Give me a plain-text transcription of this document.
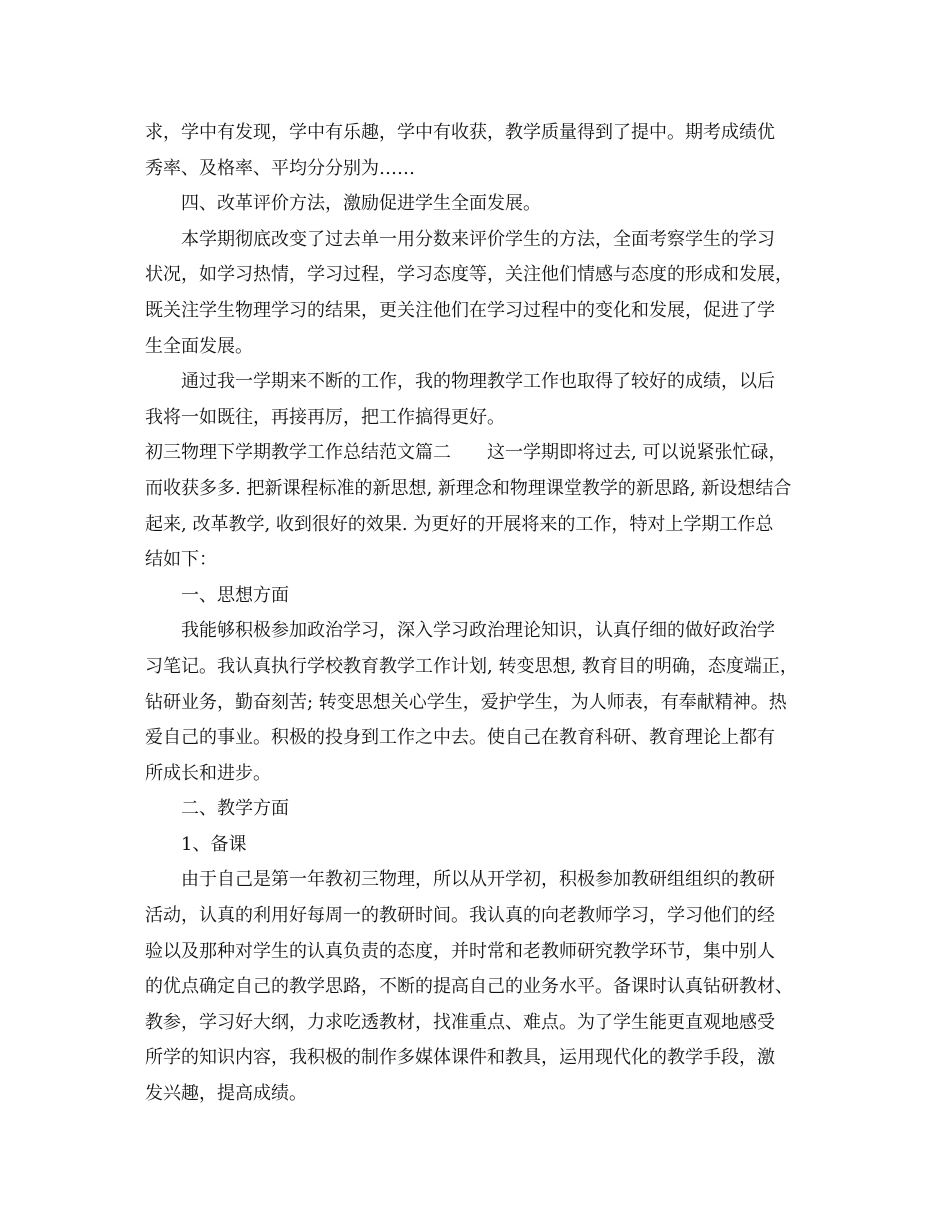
求，学中有发现，学中有乐趣，学中有收获，教学质量得到了提中。期考成绩优
秀率、及格率、平均分分别为……
四、改革评价方法，激励促进学生全面发展。
本学期彻底改变了过去单一用分数来评价学生的方法，全面考察学生的学习
状况，如学习热情，学习过程，学习态度等，关注他们情感与态度的形成和发展，
既关注学生物理学习的结果，更关注他们在学习过程中的变化和发展，促进了学
生全面发展。
通过我一学期来不断的工作，我的物理教学工作也取得了较好的成绩，以后
我将一如既往，再接再厉，把工作搞得更好。
初三物理下学期教学工作总结范文篇二　　这一学期即将过去, 可以说紧张忙碌，
而收获多多. 把新课程标准的新思想, 新理念和物理课堂教学的新思路, 新设想结合
起来, 改革教学, 收到很好的效果. 为更好的开展将来的工作，特对上学期工作总
结如下：
一、思想方面
我能够积极参加政治学习，深入学习政治理论知识，认真仔细的做好政治学
习笔记。我认真执行学校教育教学工作计划, 转变思想, 教育目的明确，态度端正，
钻研业务，勤奋刻苦; 转变思想关心学生，爱护学生，为人师表，有奉献精神。热
爱自己的事业。积极的投身到工作之中去。使自己在教育科研、教育理论上都有
所成长和进步。
二、教学方面
1、备课
由于自己是第一年教初三物理，所以从开学初，积极参加教研组组织的教研
活动，认真的利用好每周一的教研时间。我认真的向老教师学习，学习他们的经
验以及那种对学生的认真负责的态度，并时常和老教师研究教学环节，集中别人
的优点确定自己的教学思路，不断的提高自己的业务水平。备课时认真钻研教材、
教参，学习好大纲，力求吃透教材，找准重点、难点。为了学生能更直观地感受
所学的知识内容，我积极的制作多媒体课件和教具，运用现代化的教学手段，激
发兴趣，提高成绩。
